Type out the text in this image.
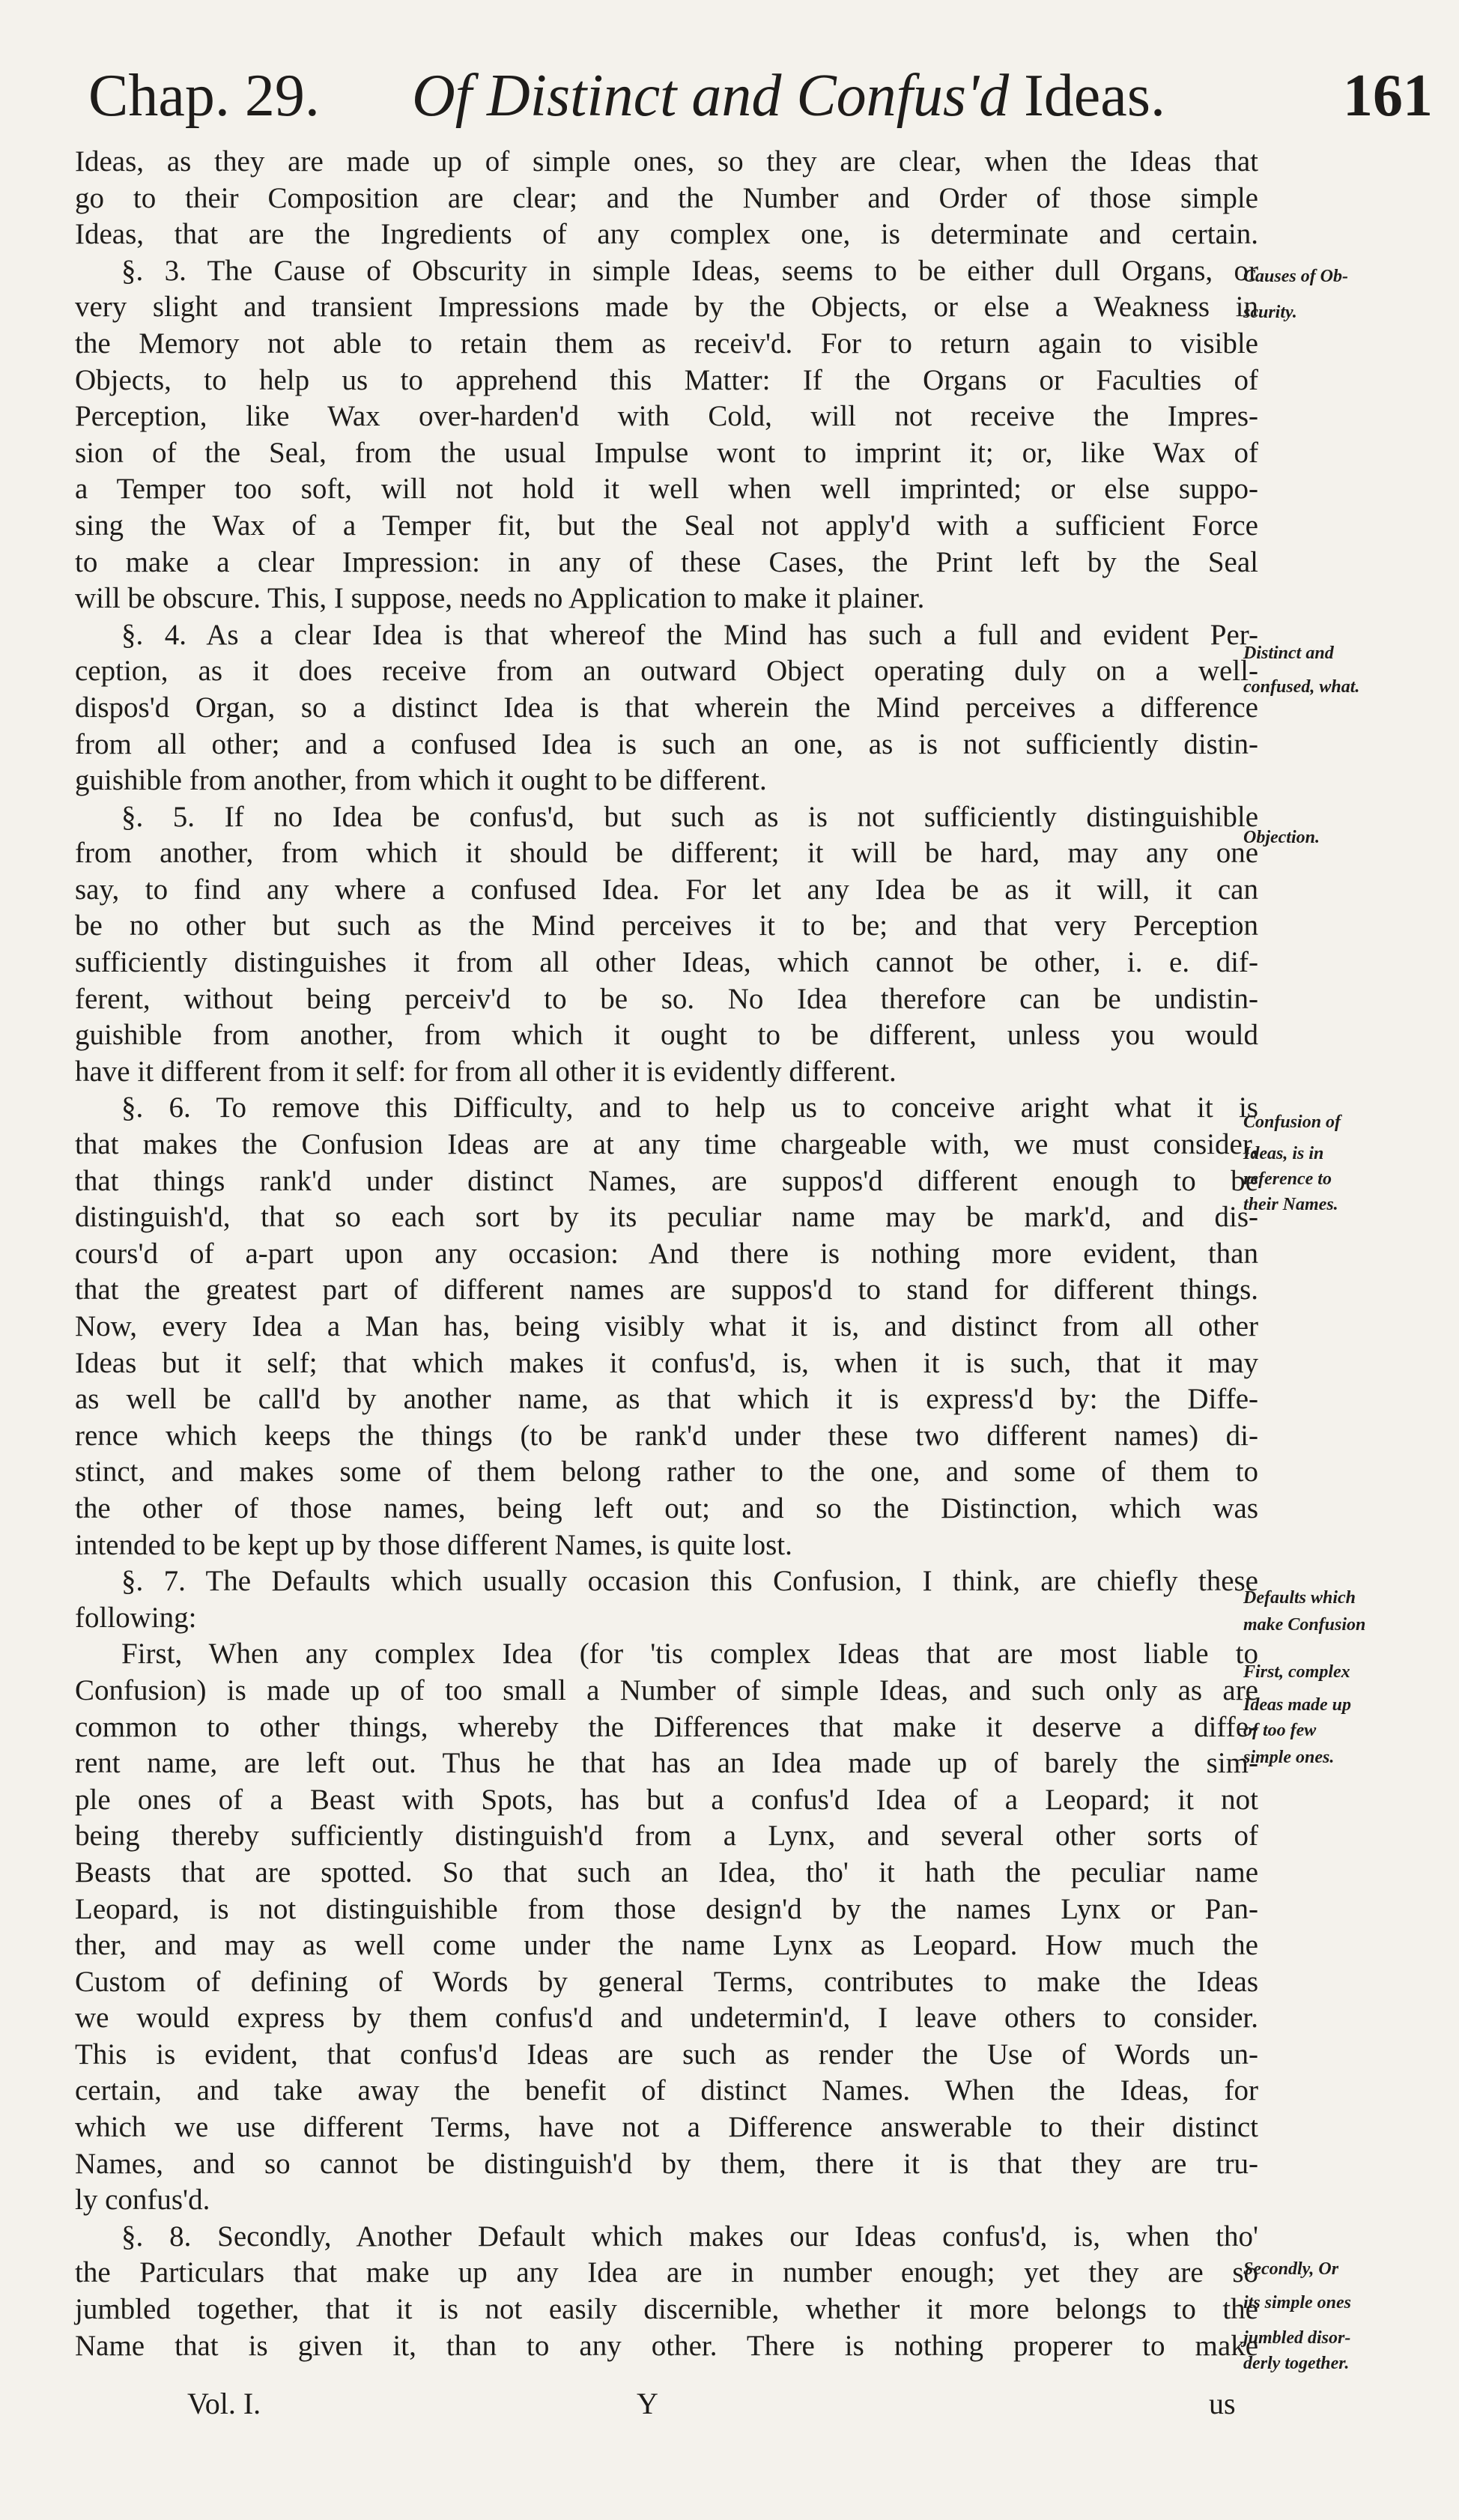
Chap. 29. Of Distinct and Confus'd Ideas.	161
Ideas, as they are made up of simple ones, so they are clear, when the Ideas that
go to their Composition are clear; and the Number and Order of those simple
Ideas, that are the Ingredients of any complex one, is determinate and certain.
§. 3. The Cause of Obscurity in simple Ideas, seems to be either dull Organs, or
very slight and transient Impressions made by the Objects, or else a Weakness in
the Memory not able to retain them as receiv'd. For to return again to visible
Objects, to help us to apprehend this Matter: If the Organs or Faculties of
Perception, like Wax over-harden'd with Cold, will not receive the Impres-
sion of the Seal, from the usual Impulse wont to imprint it; or, like Wax of
a Temper too soft, will not hold it well when well imprinted; or else suppo-
sing the Wax of a Temper fit, but the Seal not apply'd with a sufficient Force
to make a clear Impression: in any of these Cases, the Print left by the Seal
will be obscure. This, I suppose, needs no Application to make it plainer.
§. 4. As a clear Idea is that whereof the Mind has such a full and evident Per-
ception, as it does receive from an outward Object operating duly on a well-
dispos'd Organ, so a distinct Idea is that wherein the Mind perceives a difference
from all other; and a confused Idea is such an one, as is not sufficiently distin-
guishible from another, from which it ought to be different.
§. 5. If no Idea be confus'd, but such as is not sufficiently distinguishible
from another, from which it should be different; it will be hard, may any one
say, to find any where a confused Idea. For let any Idea be as it will, it can
be no other but such as the Mind perceives it to be; and that very Perception
sufficiently distinguishes it from all other Ideas, which cannot be other, i. e. dif-
ferent, without being perceiv'd to be so. No Idea therefore can be undistin-
guishible from another, from which it ought to be different, unless you would
have it different from it self: for from all other it is evidently different.
§. 6. To remove this Difficulty, and to help us to conceive aright what it is
that makes the Confusion Ideas are at any time chargeable with, we must consider,
that things rank'd under distinct Names, are suppos'd different enough to be
distinguish'd, that so each sort by its peculiar name may be mark'd, and dis-
cours'd of a-part upon any occasion: And there is nothing more evident, than
that the greatest part of different names are suppos'd to stand for different things.
Now, every Idea a Man has, being visibly what it is, and distinct from all other
Ideas but it self; that which makes it confus'd, is, when it is such, that it may
as well be call'd by another name, as that which it is express'd by: the Diffe-
rence which keeps the things (to be rank'd under these two different names) di-
stinct, and makes some of them belong rather to the one, and some of them to
the other of those names, being left out; and so the Distinction, which was
intended to be kept up by those different Names, is quite lost.
§. 7. The Defaults which usually occasion this Confusion, I think, are chiefly these
following:
First, When any complex Idea (for 'tis complex Ideas that are most liable to
Confusion) is made up of too small a Number of simple Ideas, and such only as are
common to other things, whereby the Differences that make it deserve a diffe-
rent name, are left out. Thus he that has an Idea made up of barely the sim-
ple ones of a Beast with Spots, has but a confus'd Idea of a Leopard; it not
being thereby sufficiently distinguish'd from a Lynx, and several other sorts of
Beasts that are spotted. So that such an Idea, tho' it hath the peculiar name
Leopard, is not distinguishible from those design'd by the names Lynx or Pan-
ther, and may as well come under the name Lynx as Leopard. How much the
Custom of defining of Words by general Terms, contributes to make the Ideas
we would express by them confus'd and undetermin'd, I leave others to consider.
This is evident, that confus'd Ideas are such as render the Use of Words un-
certain, and take away the benefit of distinct Names. When the Ideas, for
which we use different Terms, have not a Difference answerable to their distinct
Names, and so cannot be distinguish'd by them, there it is that they are tru-
ly confus'd.
§. 8. Secondly, Another Default which makes our Ideas confus'd, is, when tho'
the Particulars that make up any Idea are in number enough; yet they are so
jumbled together, that it is not easily discernible, whether it more belongs to the
Name that is given it, than to any other. There is nothing properer to make
Causes of Ob-
scurity.
Distinct and
confused, what.
Objection.
Confusion of
Ideas, is in
reference to
their Names.
Defaults which
make Confusion
First, complex
Ideas made up
of too few
simple ones.
Secondly, Or
its simple ones
jumbled disor-
derly together.
Vol. I.	Y	us
